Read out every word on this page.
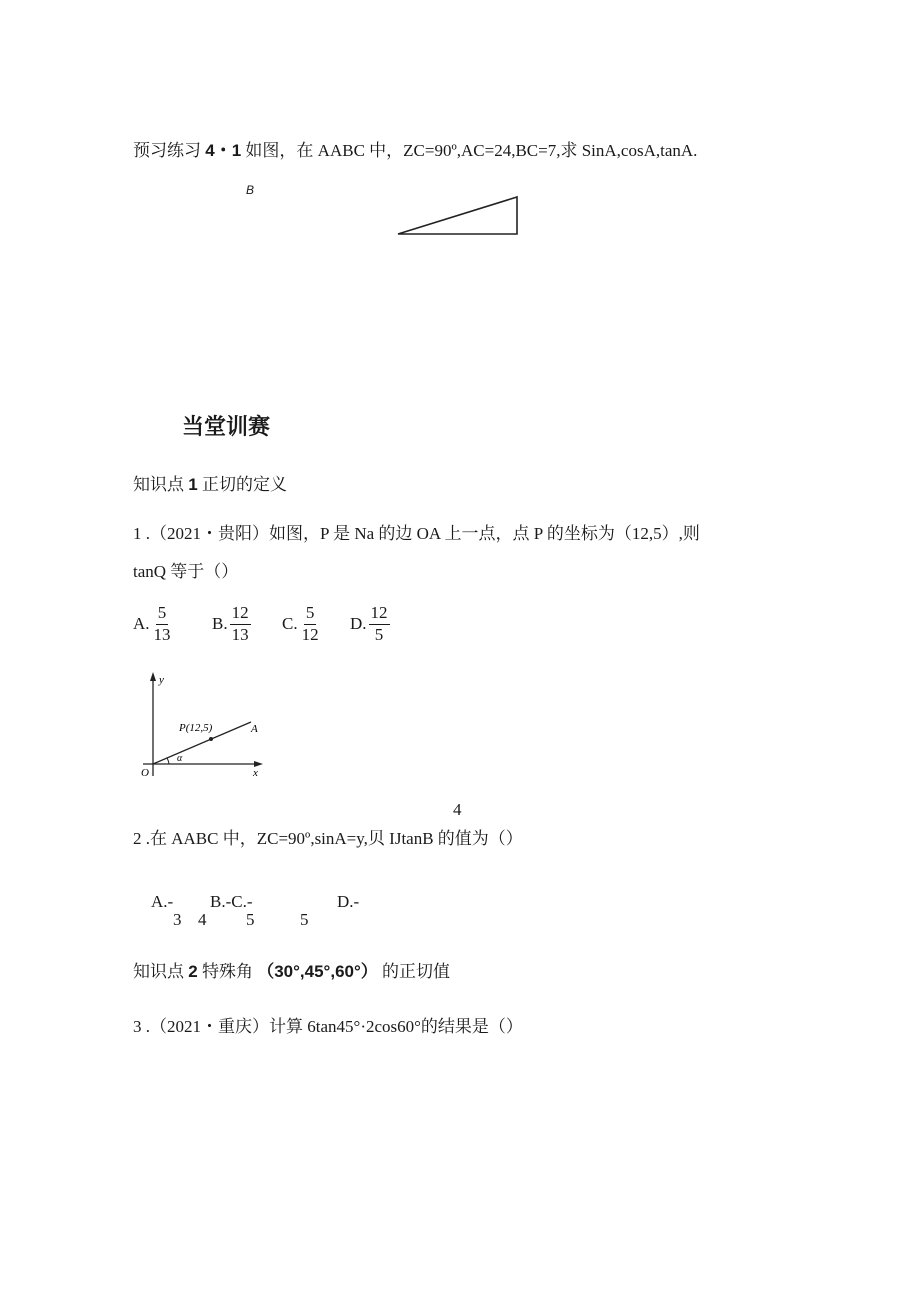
预习练习 4・1 如图，在 AABC 中，ZC=90º,AC=24,BC=7,求 SinA,cosA,tanA.
B
当堂训赛
知识点 1 正切的定义
1 .（2021・贵阳）如图，P 是 Na 的边 OA 上一点，点 P 的坐标为（12,5）,则
tanQ 等于（）
A. $\frac{5}{13} B$. $\frac{12}{13} C$. $\frac{5}{12} D$. $\frac{12}{5}$
y
x
O
P(12,5)	A
α
4
2 .在 AABC 中，ZC=90º,sinA=y,贝 IJtanB 的值为（）
A.- B.-C.-	D.-
3 4 5	5
知识点 2 特殊角 （30°,45°,60°） 的正切值
3 .（2021・重庆）计算 6tan45°·2cos60°的结果是（）
